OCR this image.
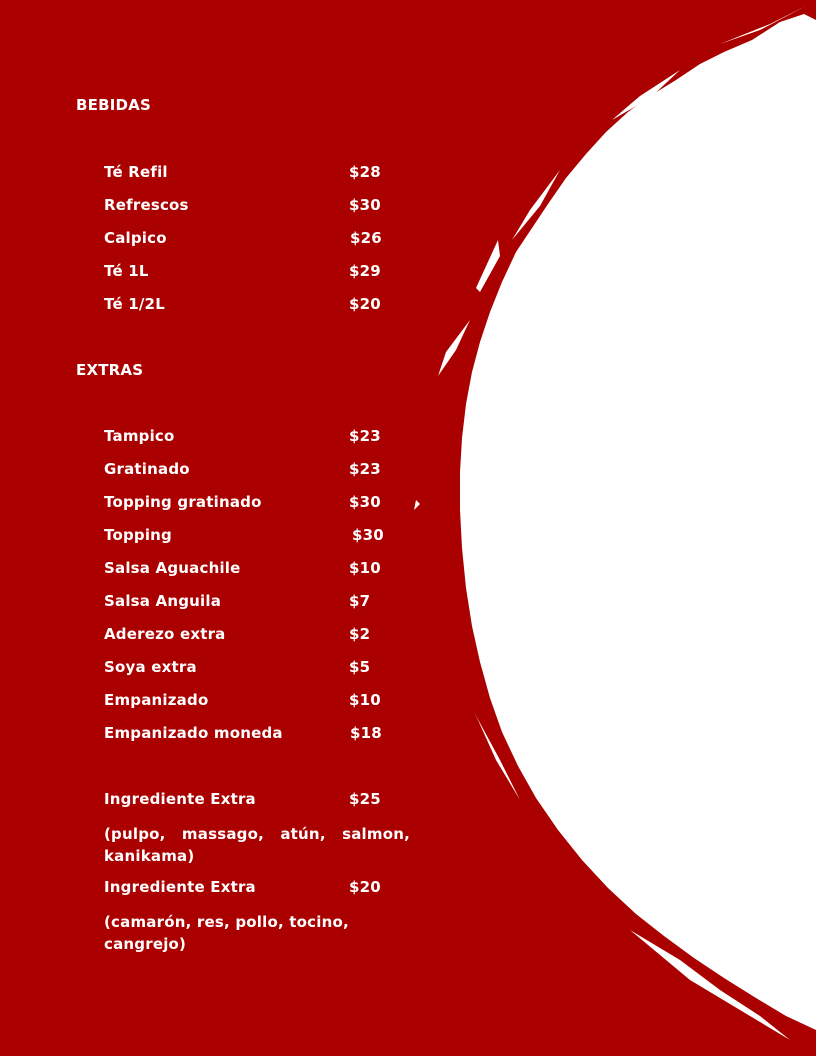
BEBIDAS
Té Refil	$28
Refrescos	$30
Calpico	$26
Té 1L	$29
Té 1/2L	$20
EXTRAS
Tampico	$23
Gratinado	$23
Topping gratinado	$30
Topping	$30
Salsa Aguachile	$10
Salsa Anguila	$7
Aderezo extra	$2
Soya extra	$5
Empanizado	$10
Empanizado moneda	$18
Ingrediente Extra	$25
(pulpo, massago, atún, salmon, kanikama)
Ingrediente Extra	$20
(camarón, res, pollo, tocino, cangrejo)
